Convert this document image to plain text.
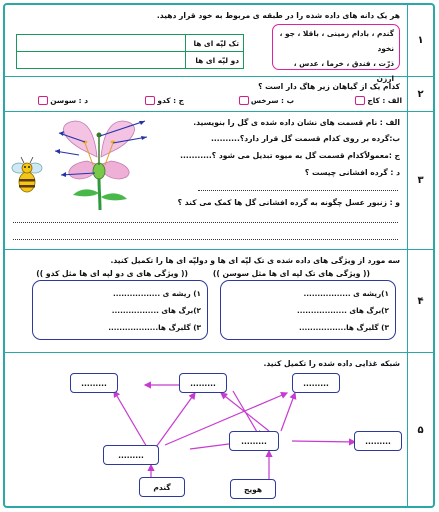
۱
هر یک دانه های داده شده را در طبقه ی مربوط به خود قرار دهید.
گندم ، بادام زمینی ، باقلا ، جو ، نخود
ذرّت ، فندق ، خرما ، عدس ، ارزن
تک لپّه ای ها	
دو لپّه ای ها	
۲
کدام یک از گیاهان زیر هاگ دار است ؟
الف : کاج
ب : سرخس
ج : کدو
د : سوسن
۳
الف : نام قسمت های نشان داده شده ی گل را بنویسید.
ب:گرده بر روی کدام قسمت گل قرار دارد؟..........
ج :معمولاًکدام قسمت گل به میوه تبدیل می شود ؟...........
د : گرده افشانی چیست ؟
و : زنبور عسل چگونه به گرده افشانی گل ها کمک می کند ؟
۴
سه مورد از ویژگی های داده شده ی تک لپّه ای ها و دولپّه ای ها را تکمیل کنید.
(( ویژگی های تک لپه ای ها مثل سوسن ))
(( ویژگی های ی دو لپه ای ها مثل کدو ))
۱)ریشه ی .................
۲)برگ های ..................
۳) گلبرگ ها.................
۱) ریشه ی .................
۲)برگ های .................
۳) گلبرگ ها..................
۵
شبکه غذایی داده شده را تکمیل کنید.
.........	.........	.........
.........	.........
.........
گندم	هویج
